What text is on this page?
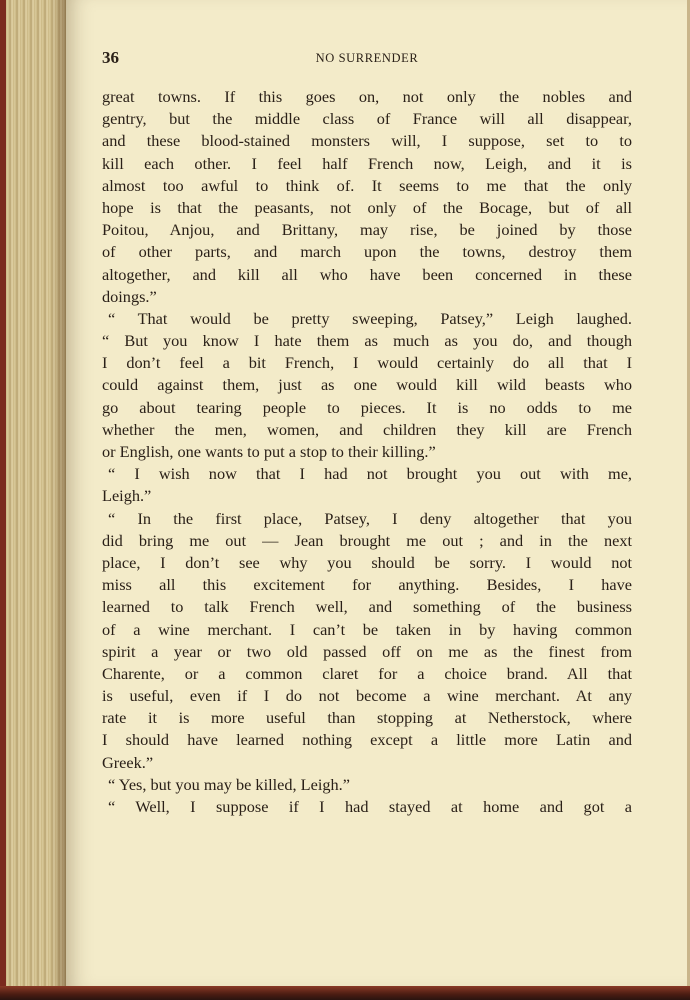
36	NO SURRENDER
great towns. If this goes on, not only the nobles and
gentry, but the middle class of France will all disappear,
and these blood-stained monsters will, I suppose, set to to
kill each other. I feel half French now, Leigh, and it is
almost too awful to think of. It seems to me that the only
hope is that the peasants, not only of the Bocage, but of all
Poitou, Anjou, and Brittany, may rise, be joined by those
of other parts, and march upon the towns, destroy them
altogether, and kill all who have been concerned in these
doings.”
“ That would be pretty sweeping, Patsey,” Leigh laughed.
“ But you know I hate them as much as you do, and though
I don’t feel a bit French, I would certainly do all that I
could against them, just as one would kill wild beasts who
go about tearing people to pieces. It is no odds to me
whether the men, women, and children they kill are French
or English, one wants to put a stop to their killing.”
“ I wish now that I had not brought you out with me,
Leigh.”
“ In the first place, Patsey, I deny altogether that you
did bring me out — Jean brought me out ; and in the next
place, I don’t see why you should be sorry. I would not
miss all this excitement for anything. Besides, I have
learned to talk French well, and something of the business
of a wine merchant. I can’t be taken in by having common
spirit a year or two old passed off on me as the finest from
Charente, or a common claret for a choice brand. All that
is useful, even if I do not become a wine merchant. At any
rate it is more useful than stopping at Netherstock, where
I should have learned nothing except a little more Latin and
Greek.”
“ Yes, but you may be killed, Leigh.”
“ Well, I suppose if I had stayed at home and got a
